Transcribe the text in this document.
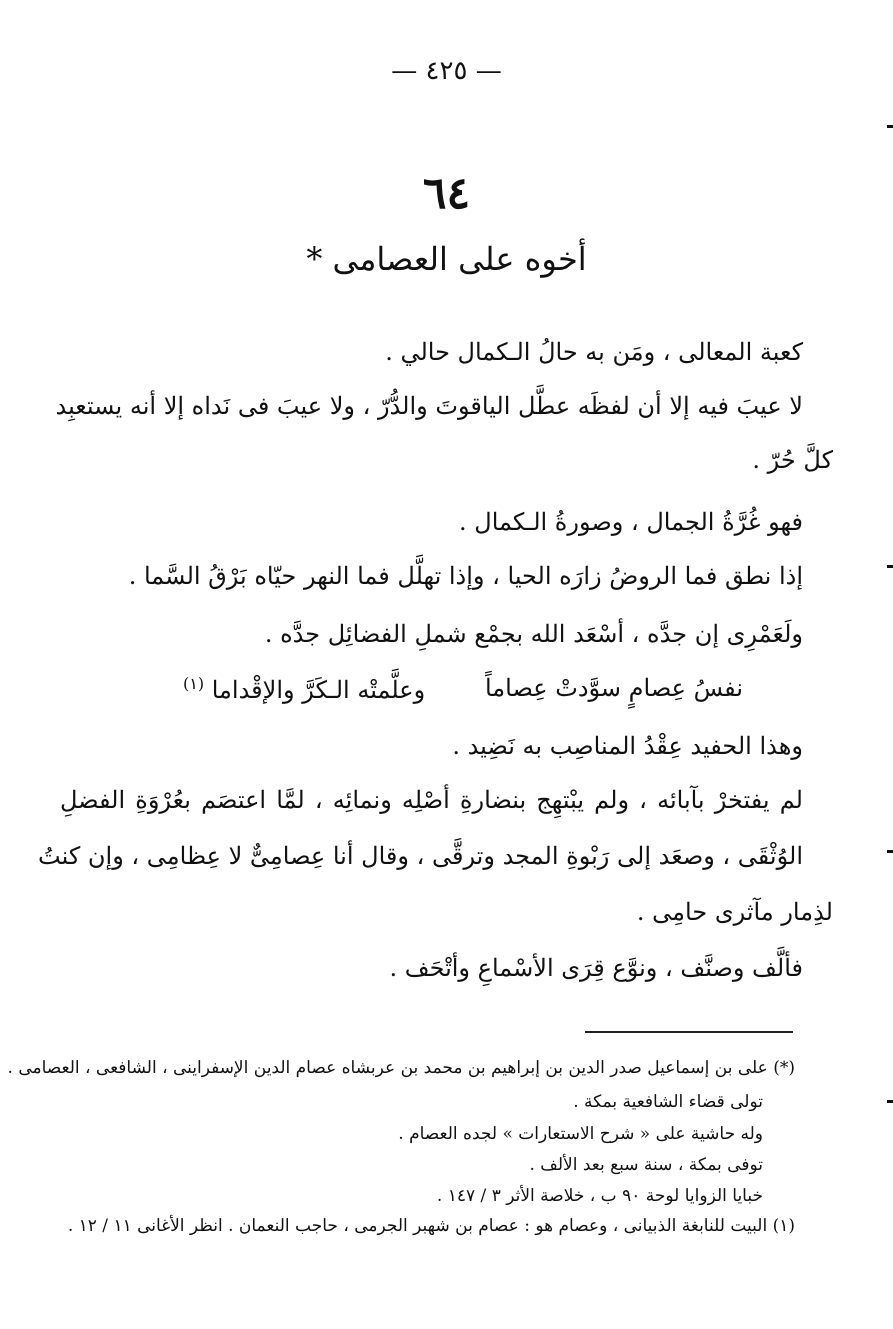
— ٤٢٥ —
٦٤
أخوه على العصامى *
كعبة المعالى ، ومَن به حالُ الـكمال حالي .
لا عيبَ فيه إلا أن لفظَه عطَّل الياقوتَ والدُّرّ ، ولا عيبَ فى نَداه إلا أنه يستعبِد
كلَّ حُرّ .
فهو غُرَّةُ الجمال ، وصورةُ الـكمال .
إذا نطق فما الروضُ زارَه الحيا ، وإذا تهلَّل فما النهر حيّاه بَرْقُ السَّما .
ولَعَمْرِى إن جدَّه ، أسْعَد الله بجمْع شملِ الفضائِل جدَّه .
نفسُ عِصامٍ سوَّدتْ عِصاماً
وعلَّمتْه الـكَرَّ والإقْداما $^{(١)}$
وهذا الحفيد عِقْدُ المناصِب به نَضِيد .
لم يفتخرْ بآبائه ، ولم يبْتهِج بنضارةِ أصْلِه ونمائِه ، لمَّا اعتصَم بعُرْوَةِ الفضلِ
الوُثْقَى ، وصعَد إلى رَبْوةِ المجد وترقَّى ، وقال أنا عِصامِىٌّ لا عِظامِى ، وإن كنتُ
لذِمار مآثرى حامِى .
فألَّف وصنَّف ، ونوَّع قِرَى الأسْماعِ وأتْحَف .
(*) على بن إسماعيل صدر الدين بن إبراهيم بن محمد بن عربشاه عصام الدين الإسفراينى ، الشافعى ، العصامى .
تولى قضاء الشافعية بمكة .
وله حاشية على « شرح الاستعارات » لجده العصام .
توفى بمكة ، سنة سبع بعد الألف .
خبايا الزوايا لوحة ٩٠ ب ، خلاصة الأثر ٣ / ١٤٧ .
(١) البيت للنابغة الذبيانى ، وعصام هو : عصام بن شهبر الجرمى ، حاجب النعمان . انظر الأغانى ١١ / ١٢ .
